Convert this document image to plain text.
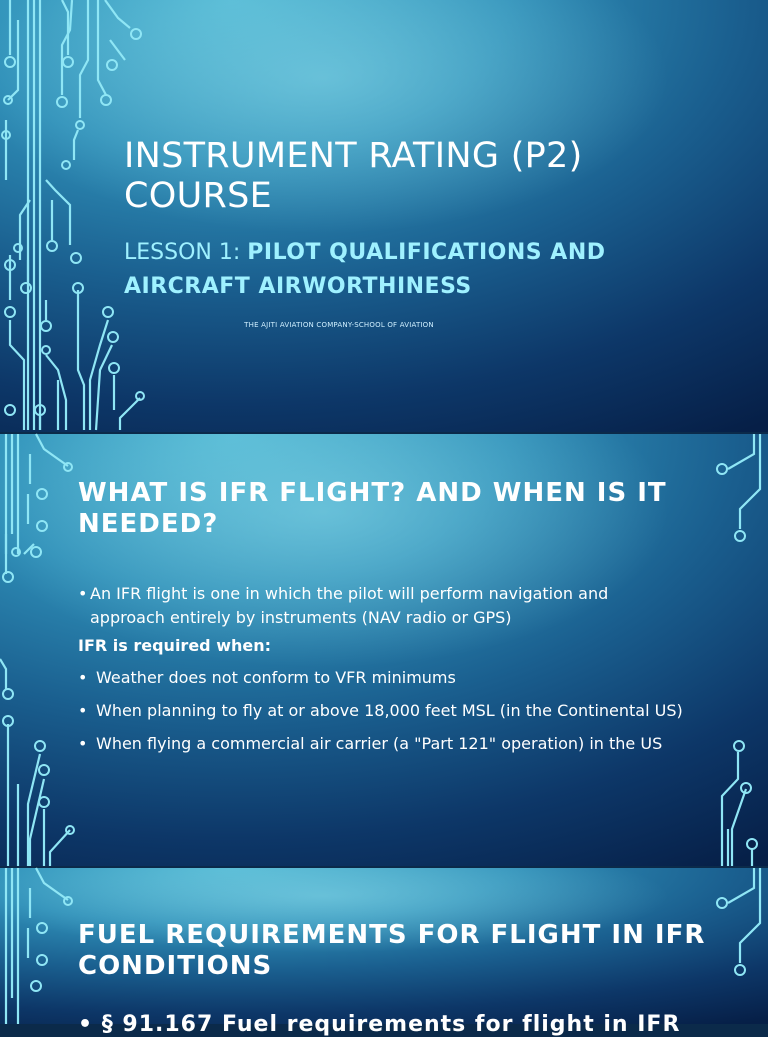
INSTRUMENT RATING (P2)
COURSE

LESSON 1: PILOT QUALIFICATIONS AND AIRCRAFT AIRWORTHINESS

THE AJITI AVIATION COMPANY-SCHOOL OF AVIATION
WHAT IS IFR FLIGHT? AND WHEN IS IT NEEDED?
• An IFR flight is one in which the pilot will perform navigation and approach entirely by instruments (NAV radio or GPS)
IFR is required when:
• Weather does not conform to VFR minimums
• When planning to fly at or above 18,000 feet MSL (in the Continental US)
• When flying a commercial air carrier (a "Part 121" operation) in the US
FUEL REQUIREMENTS FOR FLIGHT IN IFR CONDITIONS
• § 91.167 Fuel requirements for flight in IFR
